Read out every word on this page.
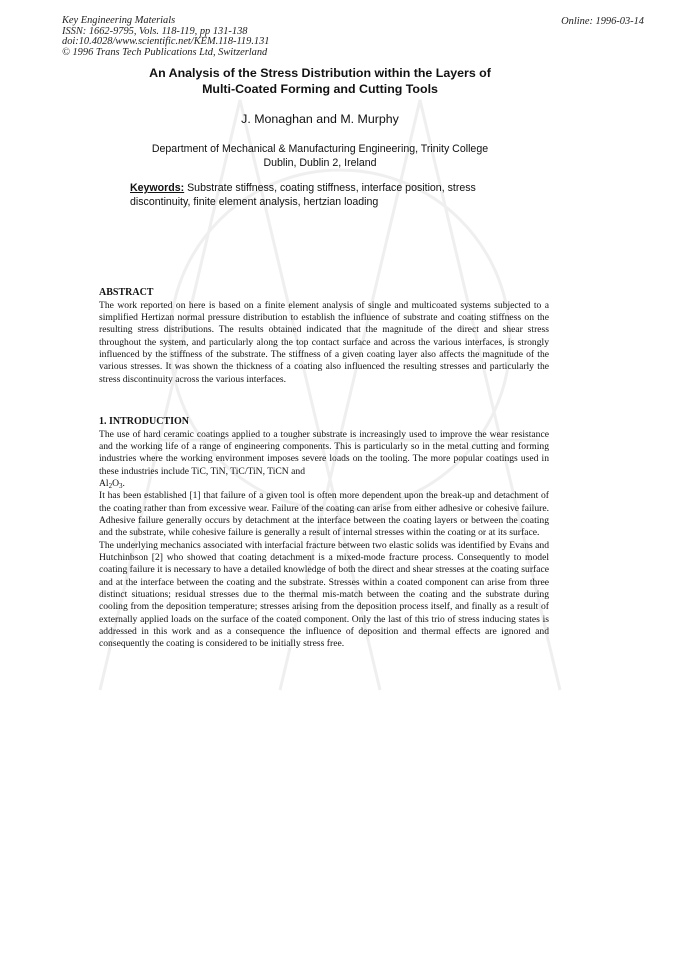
Key Engineering Materials
ISSN: 1662-9795, Vols. 118-119, pp 131-138
doi:10.4028/www.scientific.net/KEM.118-119.131
© 1996 Trans Tech Publications Ltd, Switzerland
Online: 1996-03-14
An Analysis of the Stress Distribution within the Layers of
Multi-Coated Forming and Cutting Tools
J. Monaghan and M. Murphy
Department of Mechanical & Manufacturing Engineering, Trinity College
Dublin, Dublin 2, Ireland
Keywords: Substrate stiffness, coating stiffness, interface position, stress discontinuity, finite element analysis, hertzian loading
ABSTRACT

The work reported on here is based on a finite element analysis of single and multicoated systems subjected to a simplified Hertizan normal pressure distribution to establish the influence of substrate and coating stiffness on the resulting stress distributions. The results obtained indicated that the magnitude of the direct and shear stress throughout the system, and particularly along the top contact surface and across the various interfaces, is strongly influenced by the stiffness of the substrate. The stiffness of a given coating layer also affects the magnitude of the various stresses. It was shown the thickness of a coating also influenced the resulting stresses and particularly the stress discontinuity across the various interfaces.

1. INTRODUCTION

The use of hard ceramic coatings applied to a tougher substrate is increasingly used to improve the wear resistance and the working life of a range of engineering components. This is particularly so in the metal cutting and forming industries where the working environment imposes severe loads on the tooling. The more popular coatings used in these industries include TiC, TiN, TiC/TiN, TiCN and

$Al_2O_3$.

It has been established [1] that failure of a given tool is often more dependent upon the break-up and detachment of the coating rather than from excessive wear. Failure of the coating can arise from either adhesive or cohesive failure. Adhesive failure generally occurs by detachment at the interface between the coating layers or between the coating and the substrate, while cohesive failure is generally a result of internal stresses within the coating or at its surface.

The underlying mechanics associated with interfacial fracture between two elastic solids was identified by Evans and Hutchinbson [2] who showed that coating detachment is a mixed-mode fracture process. Consequently to model coating failure it is necessary to have a detailed knowledge of both the direct and shear stresses at the coating surface and at the interface between the coating and the substrate. Stresses within a coated component can arise from three distinct situations; residual stresses due to the thermal mis-match between the coating and the substrate during cooling from the deposition temperature; stresses arising from the deposition process itself, and finally as a result of externally applied loads on the surface of the coated component. Only the last of this trio of stress inducing states is addressed in this work and as a consequence the influence of deposition and thermal effects are ignored and consequently the coating is considered to be initially stress free.
